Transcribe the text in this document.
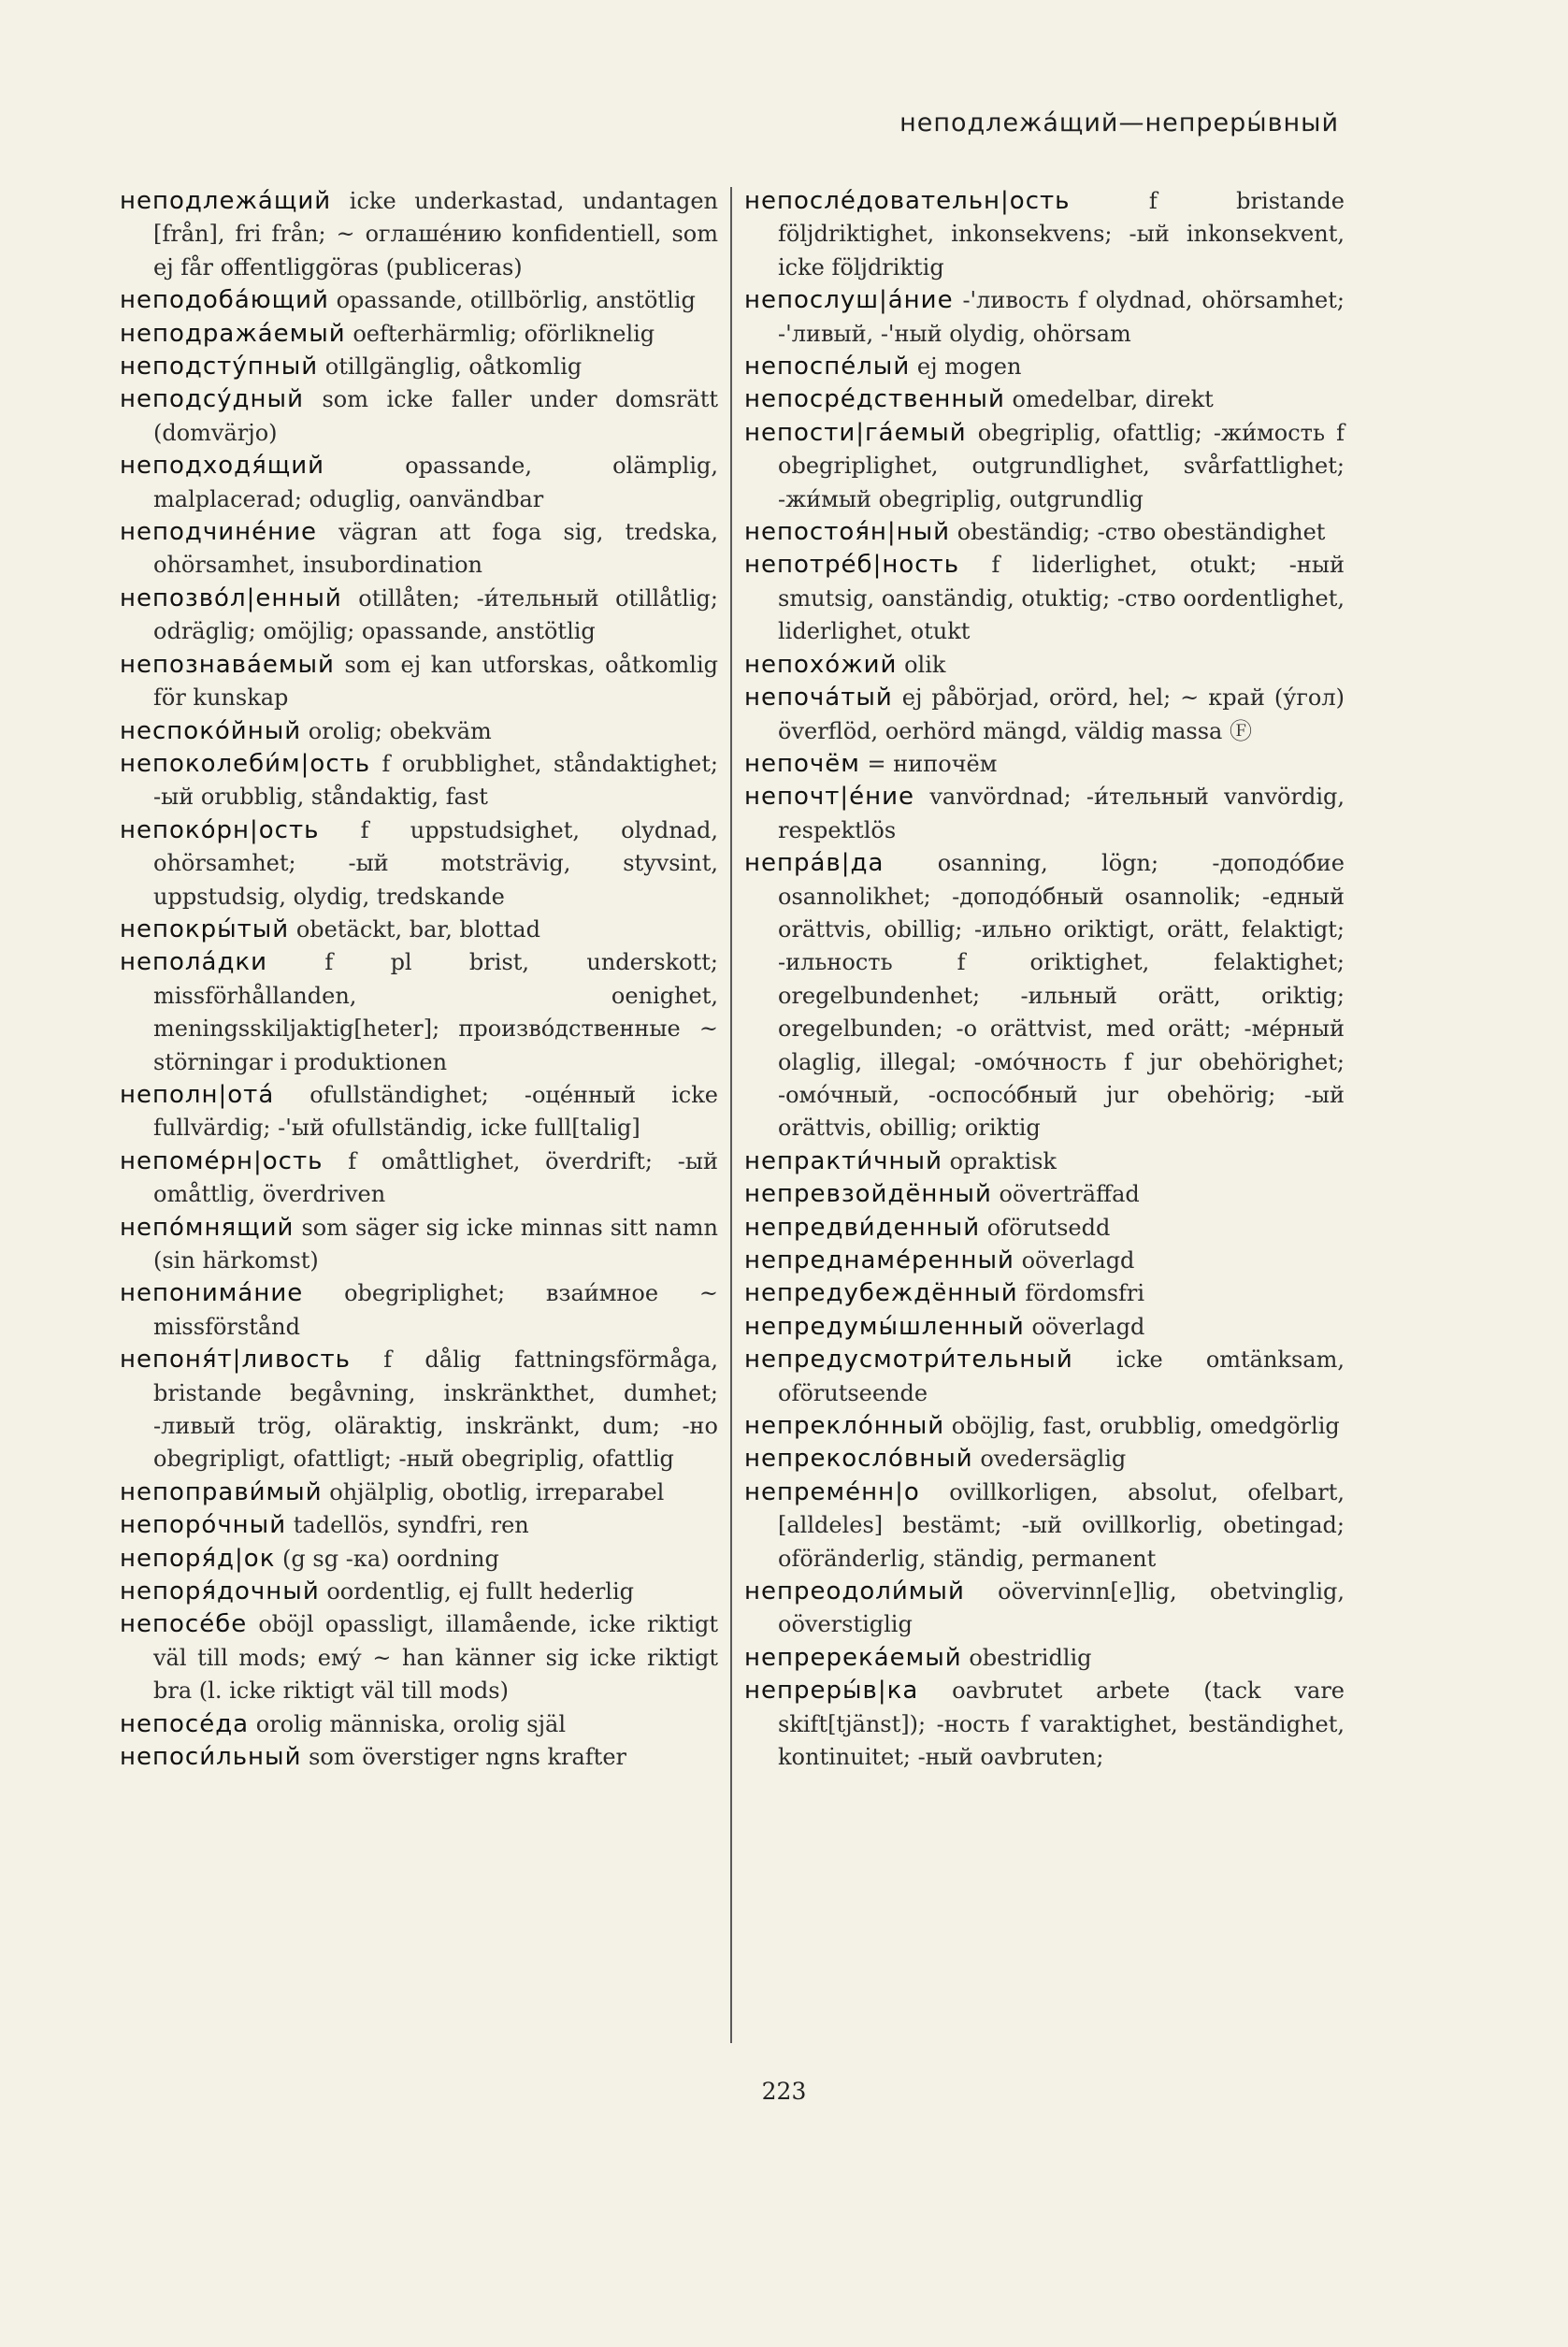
неподлежа́щий—непреры́вный

неподлежа́щий icke underkastad, undantagen [från], fri från; ~ оглаше́нию konfidentiell, som ej får offentliggöras (publiceras)

неподоба́ющий opassande, otillbörlig, anstötlig

неподража́емый oefterhärmlig; oförliknelig

неподсту́пный otillgänglig, oåtkomlig

неподсу́дный som icke faller under domsrätt (domvärjo)

неподходя́щий	opassande, olämplig, malplacerad; oduglig, oanvändbar

неподчине́ние vägran att foga sig, tredska, ohörsamhet, insubordination

непозво́л|енный otillåten; -и́тельный otillåtlig; odräglig; omöjlig; opassande, anstötlig

непознава́емый som ej kan utforskas, oåtkomlig för kunskap

неспоко́йный orolig; obekväm

непоколеби́м|ость f orubblighet, ståndaktighet; -ый orubblig, ståndaktig, fast

непоко́рн|ость f uppstudsighet, olydnad, ohörsamhet; -ый motsträvig, styvsint, uppstudsig, olydig, tredskande

непокры́тый obetäckt, bar, blottad

непола́дки	f pl brist, underskott; missförhållanden, oenighet, meningsskiljaktig[heter]; произво́дственные ~ störningar i produktionen

неполн|ота́ ofullständighet; -оце́нный icke fullvärdig; -'ый ofullständig, icke full[talig]

непоме́рн|ость f omåttlighet, överdrift; -ый omåttlig, överdriven

непо́мнящий som säger sig icke minnas sitt namn (sin härkomst)

непонима́ние obegriplighet; взаи́мное ~ missförstånd

непоня́т|ливость f dålig fattningsförmåga, bristande begåvning, inskränkthet, dumhet; -ливый trög, oläraktig, inskränkt, dum; -но obegripligt, ofattligt; -ный obegriplig, ofattlig

непоправи́мый ohjälplig, obotlig, irreparabel

непоро́чный tadellös, syndfri, ren

непоря́д|ок (g sg -ка) oordning

непоря́дочный oordentlig, ej fullt hederlig

непосе́бе oböjl opassligt, illamående, icke riktigt väl till mods; ему́ ~ han känner sig icke riktigt bra (l. icke riktigt väl till mods)

непосе́да orolig människa, orolig själ

непоси́льный som överstiger ngns krafter

непосле́довательн|ость	f bristande följdriktighet, inkonsekvens; -ый inkonsekvent, icke följdriktig

непослуш|а́ние -'ливость f olydnad, ohörsamhet; -'ливый, -'ный olydig, ohörsam

непоспе́лый ej mogen

непосре́дственный omedelbar, direkt

непости|га́емый obegriplig, ofattlig; -жи́мость f obegriplighet, outgrundlighet, svårfattlighet; -жи́мый obegriplig, outgrundlig

непостоя́н|ный obeständig; -ство obeständighet

непотре́б|ность f liderlighet, otukt; -ный smutsig, oanständig, otuktig; -ство oordentlighet, liderlighet, otukt

непохо́жий olik

непоча́тый ej påbörjad, orörd, hel; ~ край (у́гол) överflöd, oerhörd mängd, väldig massa Ⓕ

непочём = нипочём

непочт|е́ние vanvördnad; -и́тельный vanvördig, respektlös

непра́в|да osanning, lögn; -доподо́бие osannolikhet; -доподо́бный osannolik; -едный orättvis, obillig; -ильно oriktigt, orätt, felaktigt; -ильность f oriktighet, felaktighet; oregelbundenhet; -ильный orätt, oriktig; oregelbunden; -о orättvist, med orätt; -ме́рный olaglig, illegal; -омо́чность f jur obehörighet; -омо́чный, -оспосо́бный jur obehörig; -ый orättvis, obillig; oriktig

непракти́чный opraktisk

непревзойдённый oöverträffad

непредви́денный oförutsedd

непреднаме́ренный oöverlagd

непредубеждённый fördomsfri

непредумы́шленный oöverlagd

непредусмотри́тельный icke omtänksam, oförutseende

непрекло́нный oböjlig, fast, orubblig, omedgörlig

непрекосло́вный ovedersäglig

непреме́нн|о ovillkorligen, absolut, ofelbart, [alldeles] bestämt; -ый ovillkorlig, obetingad; oföränderlig, ständig, permanent

непреодоли́мый oövervinn[e]lig, obetvinglig, oöverstiglig

непререка́емый obestridlig

непреры́в|ка oavbrutet arbete (tack vare skift[tjänst]); -ность f varaktighet, beständighet, kontinuitet; -ный oavbruten;

223
